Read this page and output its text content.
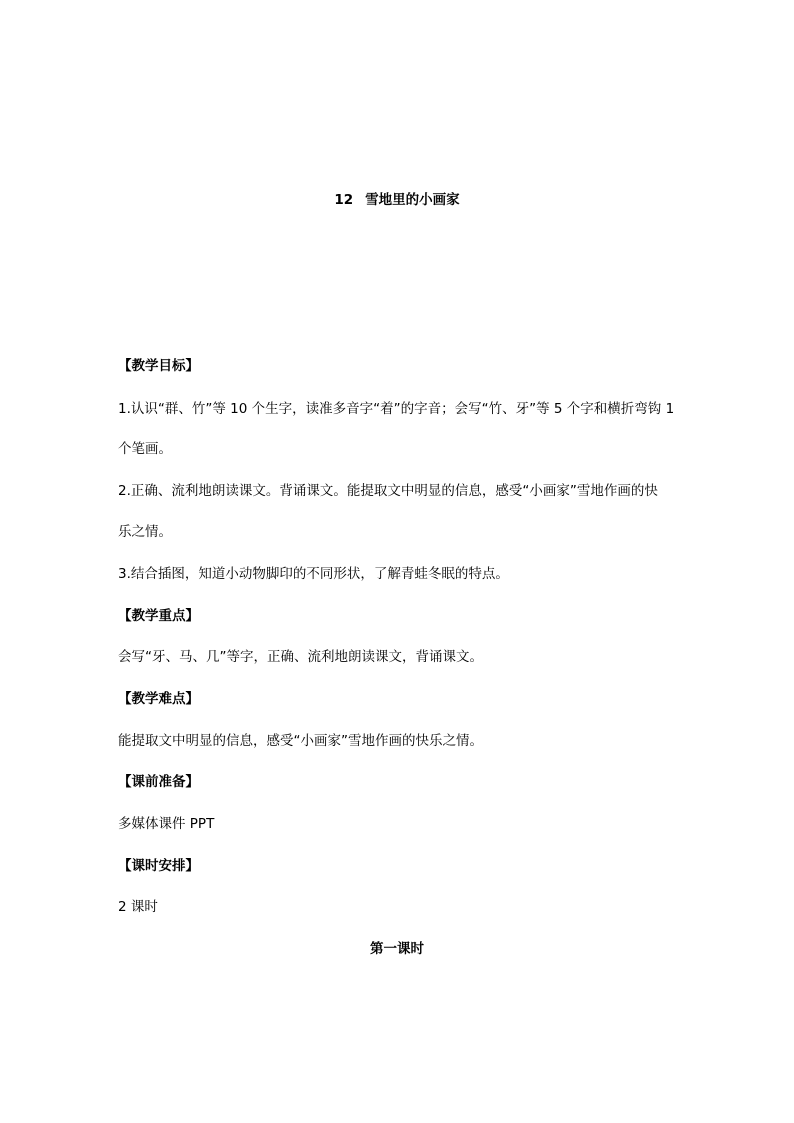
12 雪地里的小画家
【教学目标】
1.认识“群、竹”等 10 个生字，读准多音字“着”的字音；会写“竹、牙”等 5 个字和横折弯钩 1
个笔画。
2.正确、流利地朗读课文。背诵课文。能提取文中明显的信息，感受“小画家”雪地作画的快
乐之情。
3.结合插图，知道小动物脚印的不同形状，了解青蛙冬眠的特点。
【教学重点】
会写“牙、马、几”等字，正确、流利地朗读课文，背诵课文。
【教学难点】
能提取文中明显的信息，感受“小画家”雪地作画的快乐之情。
【课前准备】
多媒体课件 PPT
【课时安排】
2 课时
第一课时
